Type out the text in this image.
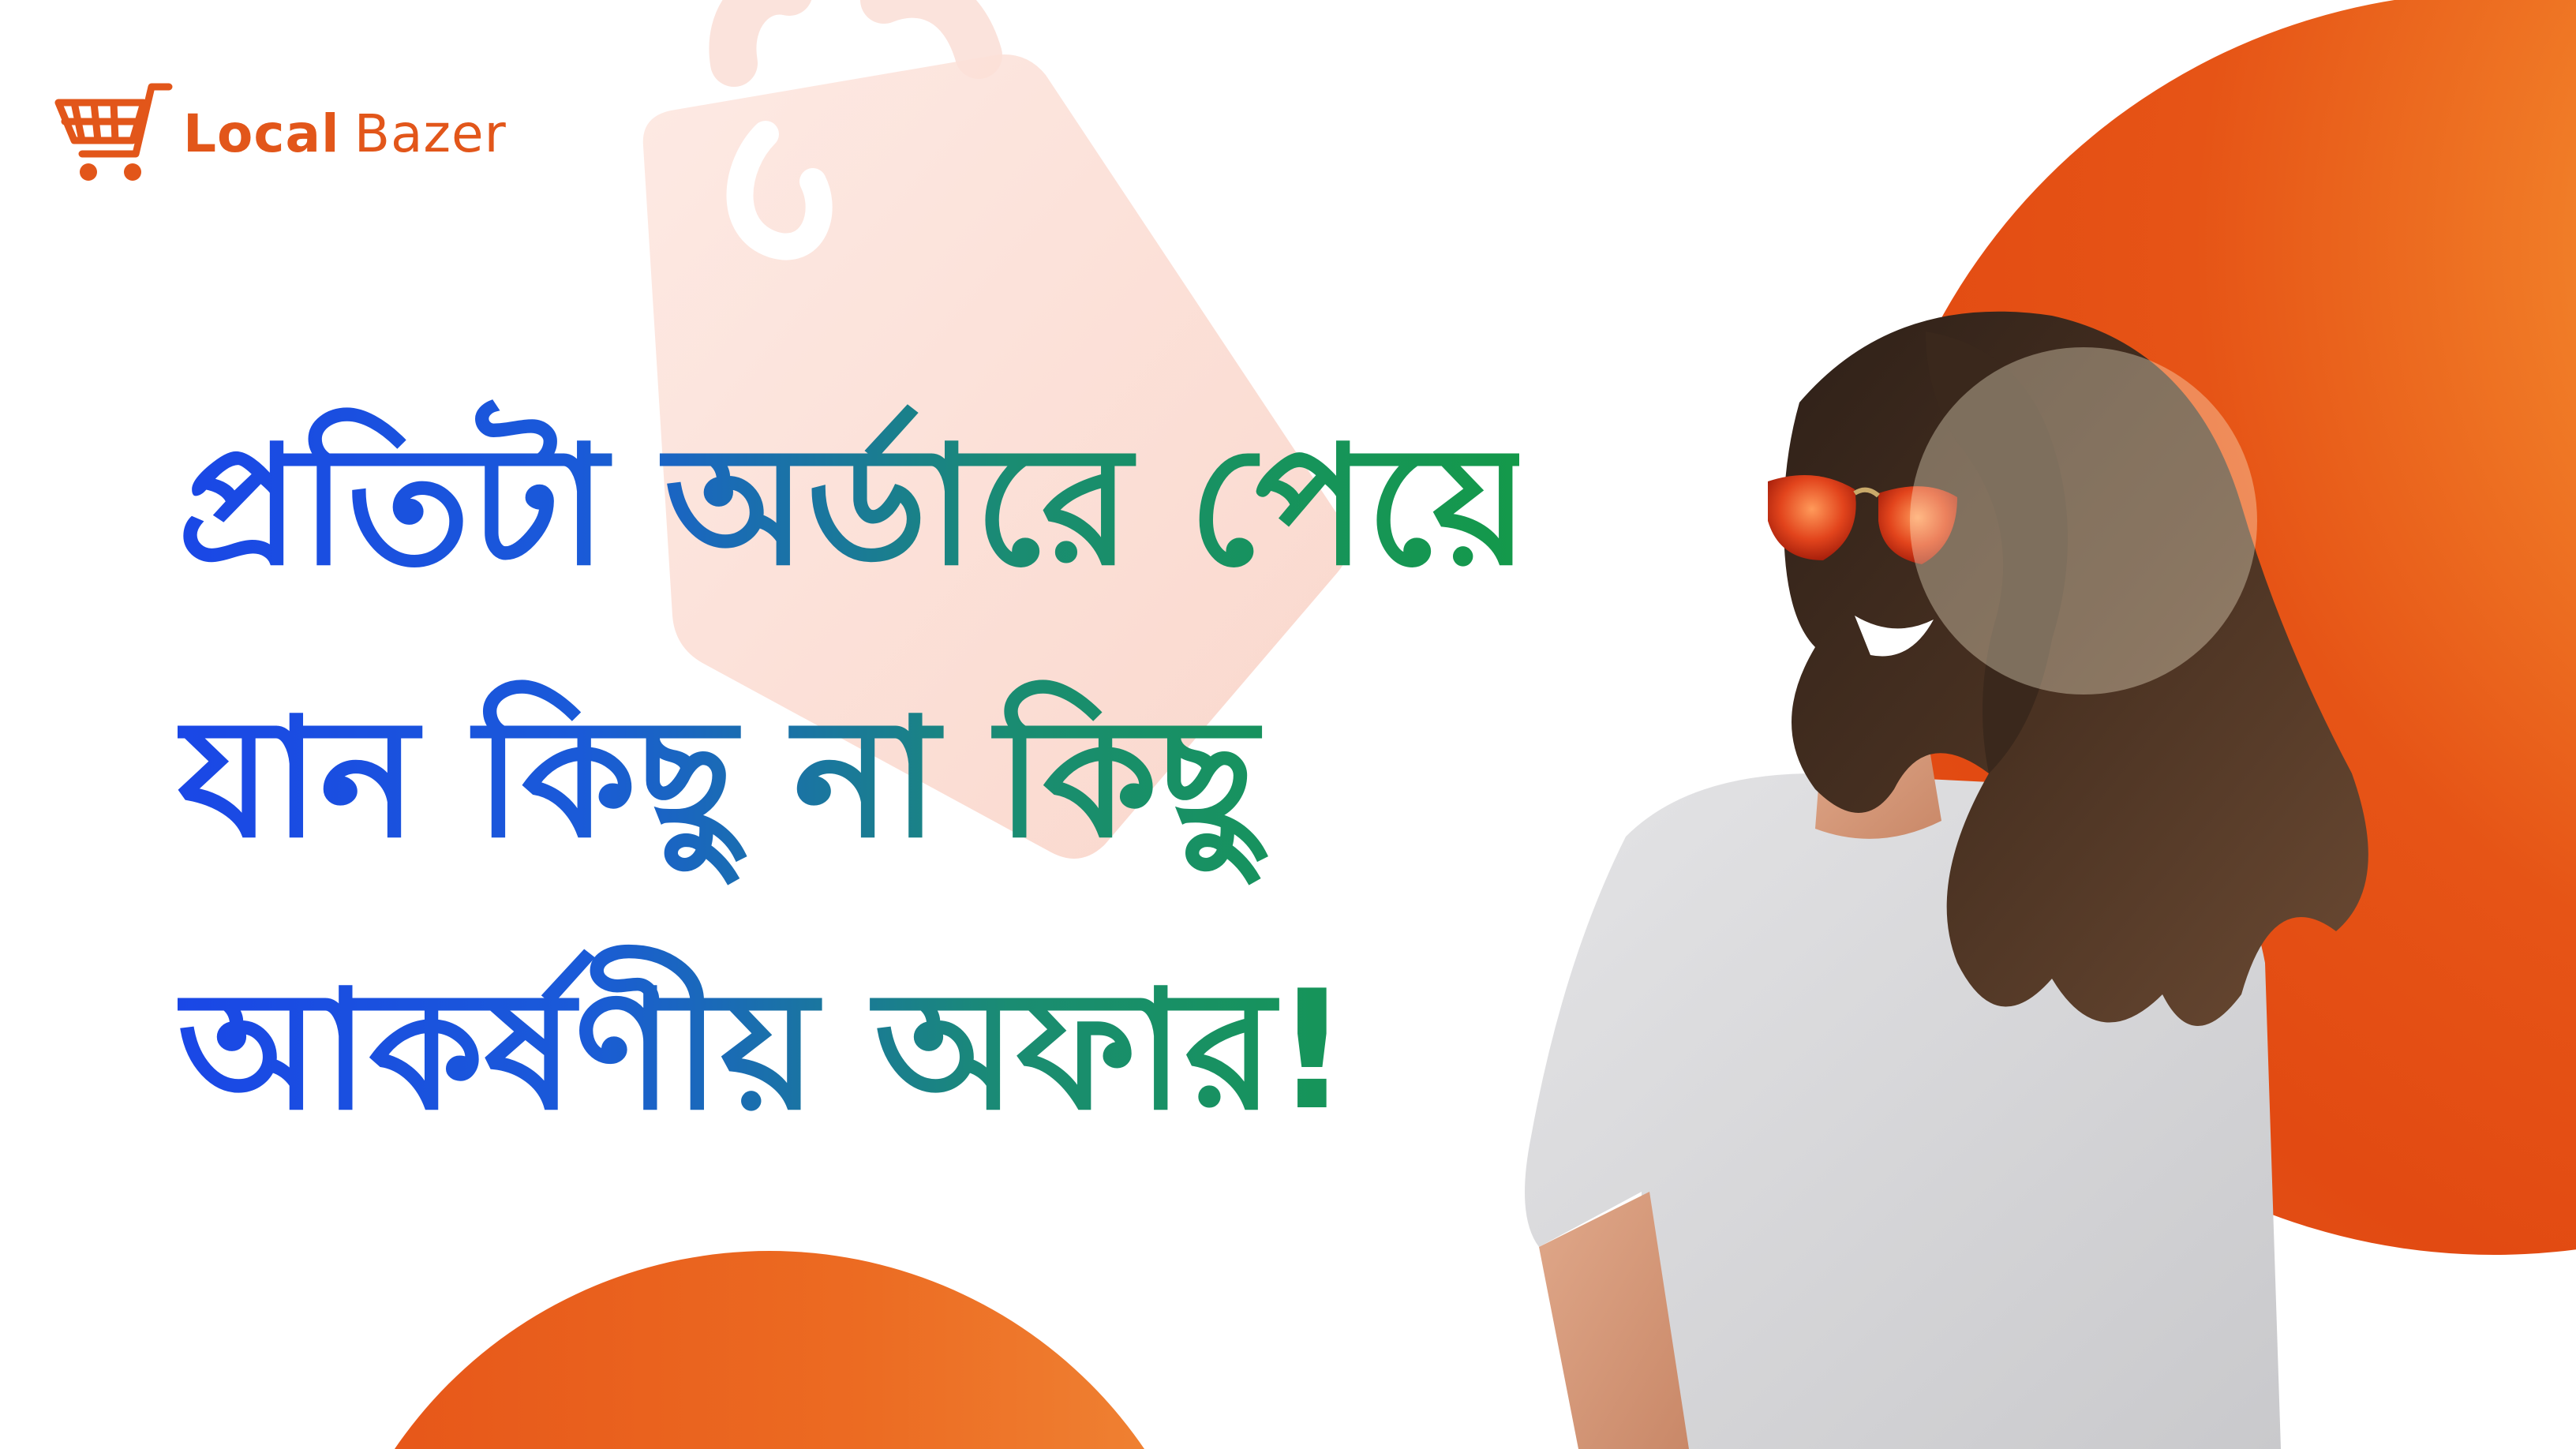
Local Bazer
প্রতিটা অর্ডারে পেয়ে
যান কিছু না কিছু
আকর্ষণীয় অফার!
